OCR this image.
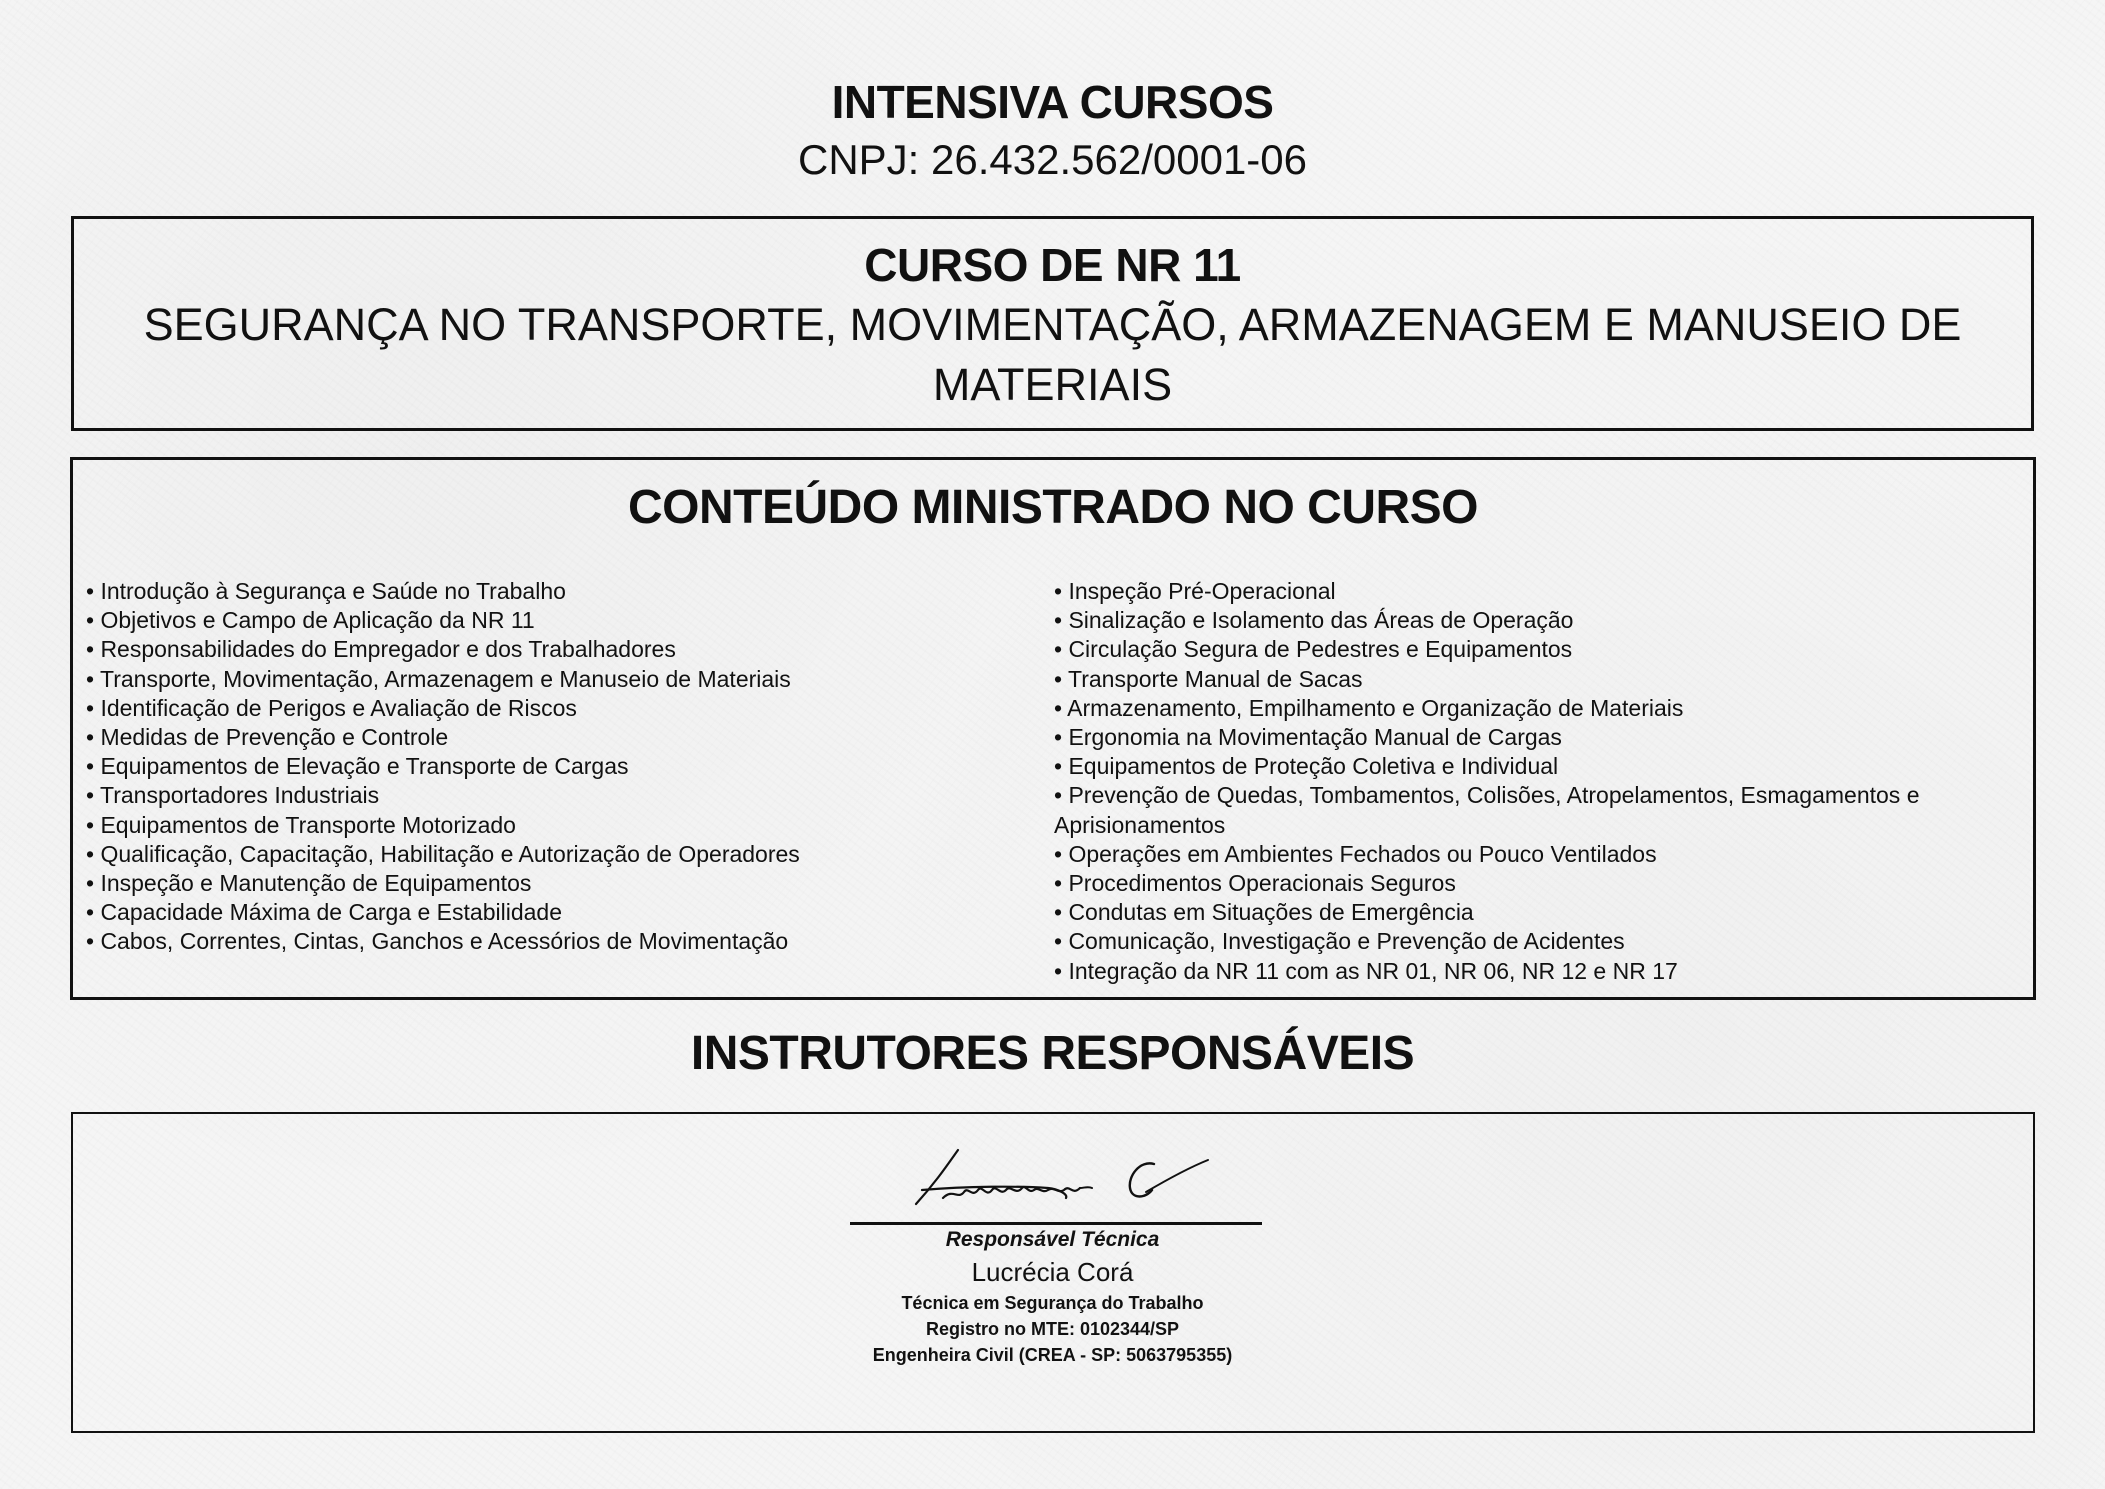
INTENSIVA CURSOS
CNPJ: 26.432.562/0001-06
CURSO DE NR 11
SEGURANÇA NO TRANSPORTE, MOVIMENTAÇÃO, ARMAZENAGEM E MANUSEIO DE MATERIAIS
CONTEÚDO MINISTRADO NO CURSO

• Introdução à Segurança e Saúde no Trabalho

• Objetivos e Campo de Aplicação da NR 11

• Responsabilidades do Empregador e dos Trabalhadores

• Transporte, Movimentação, Armazenagem e Manuseio de Materiais

• Identificação de Perigos e Avaliação de Riscos

• Medidas de Prevenção e Controle

• Equipamentos de Elevação e Transporte de Cargas

• Transportadores Industriais

• Equipamentos de Transporte Motorizado

• Qualificação, Capacitação, Habilitação e Autorização de Operadores

• Inspeção e Manutenção de Equipamentos

• Capacidade Máxima de Carga e Estabilidade

• Cabos, Correntes, Cintas, Ganchos e Acessórios de Movimentação

• Inspeção Pré-Operacional

• Sinalização e Isolamento das Áreas de Operação

• Circulação Segura de Pedestres e Equipamentos

• Transporte Manual de Sacas

• Armazenamento, Empilhamento e Organização de Materiais

• Ergonomia na Movimentação Manual de Cargas

• Equipamentos de Proteção Coletiva e Individual

• Prevenção de Quedas, Tombamentos, Colisões, Atropelamentos, Esmagamentos e Aprisionamentos

• Operações em Ambientes Fechados ou Pouco Ventilados

• Procedimentos Operacionais Seguros

• Condutas em Situações de Emergência

• Comunicação, Investigação e Prevenção de Acidentes

• Integração da NR 11 com as NR 01, NR 06, NR 12 e NR 17

INSTRUTORES RESPONSÁVEIS
Responsável Técnica
Lucrécia Corá
Técnica em Segurança do Trabalho
Registro no MTE: 0102344/SP
Engenheira Civil (CREA - SP: 5063795355)
